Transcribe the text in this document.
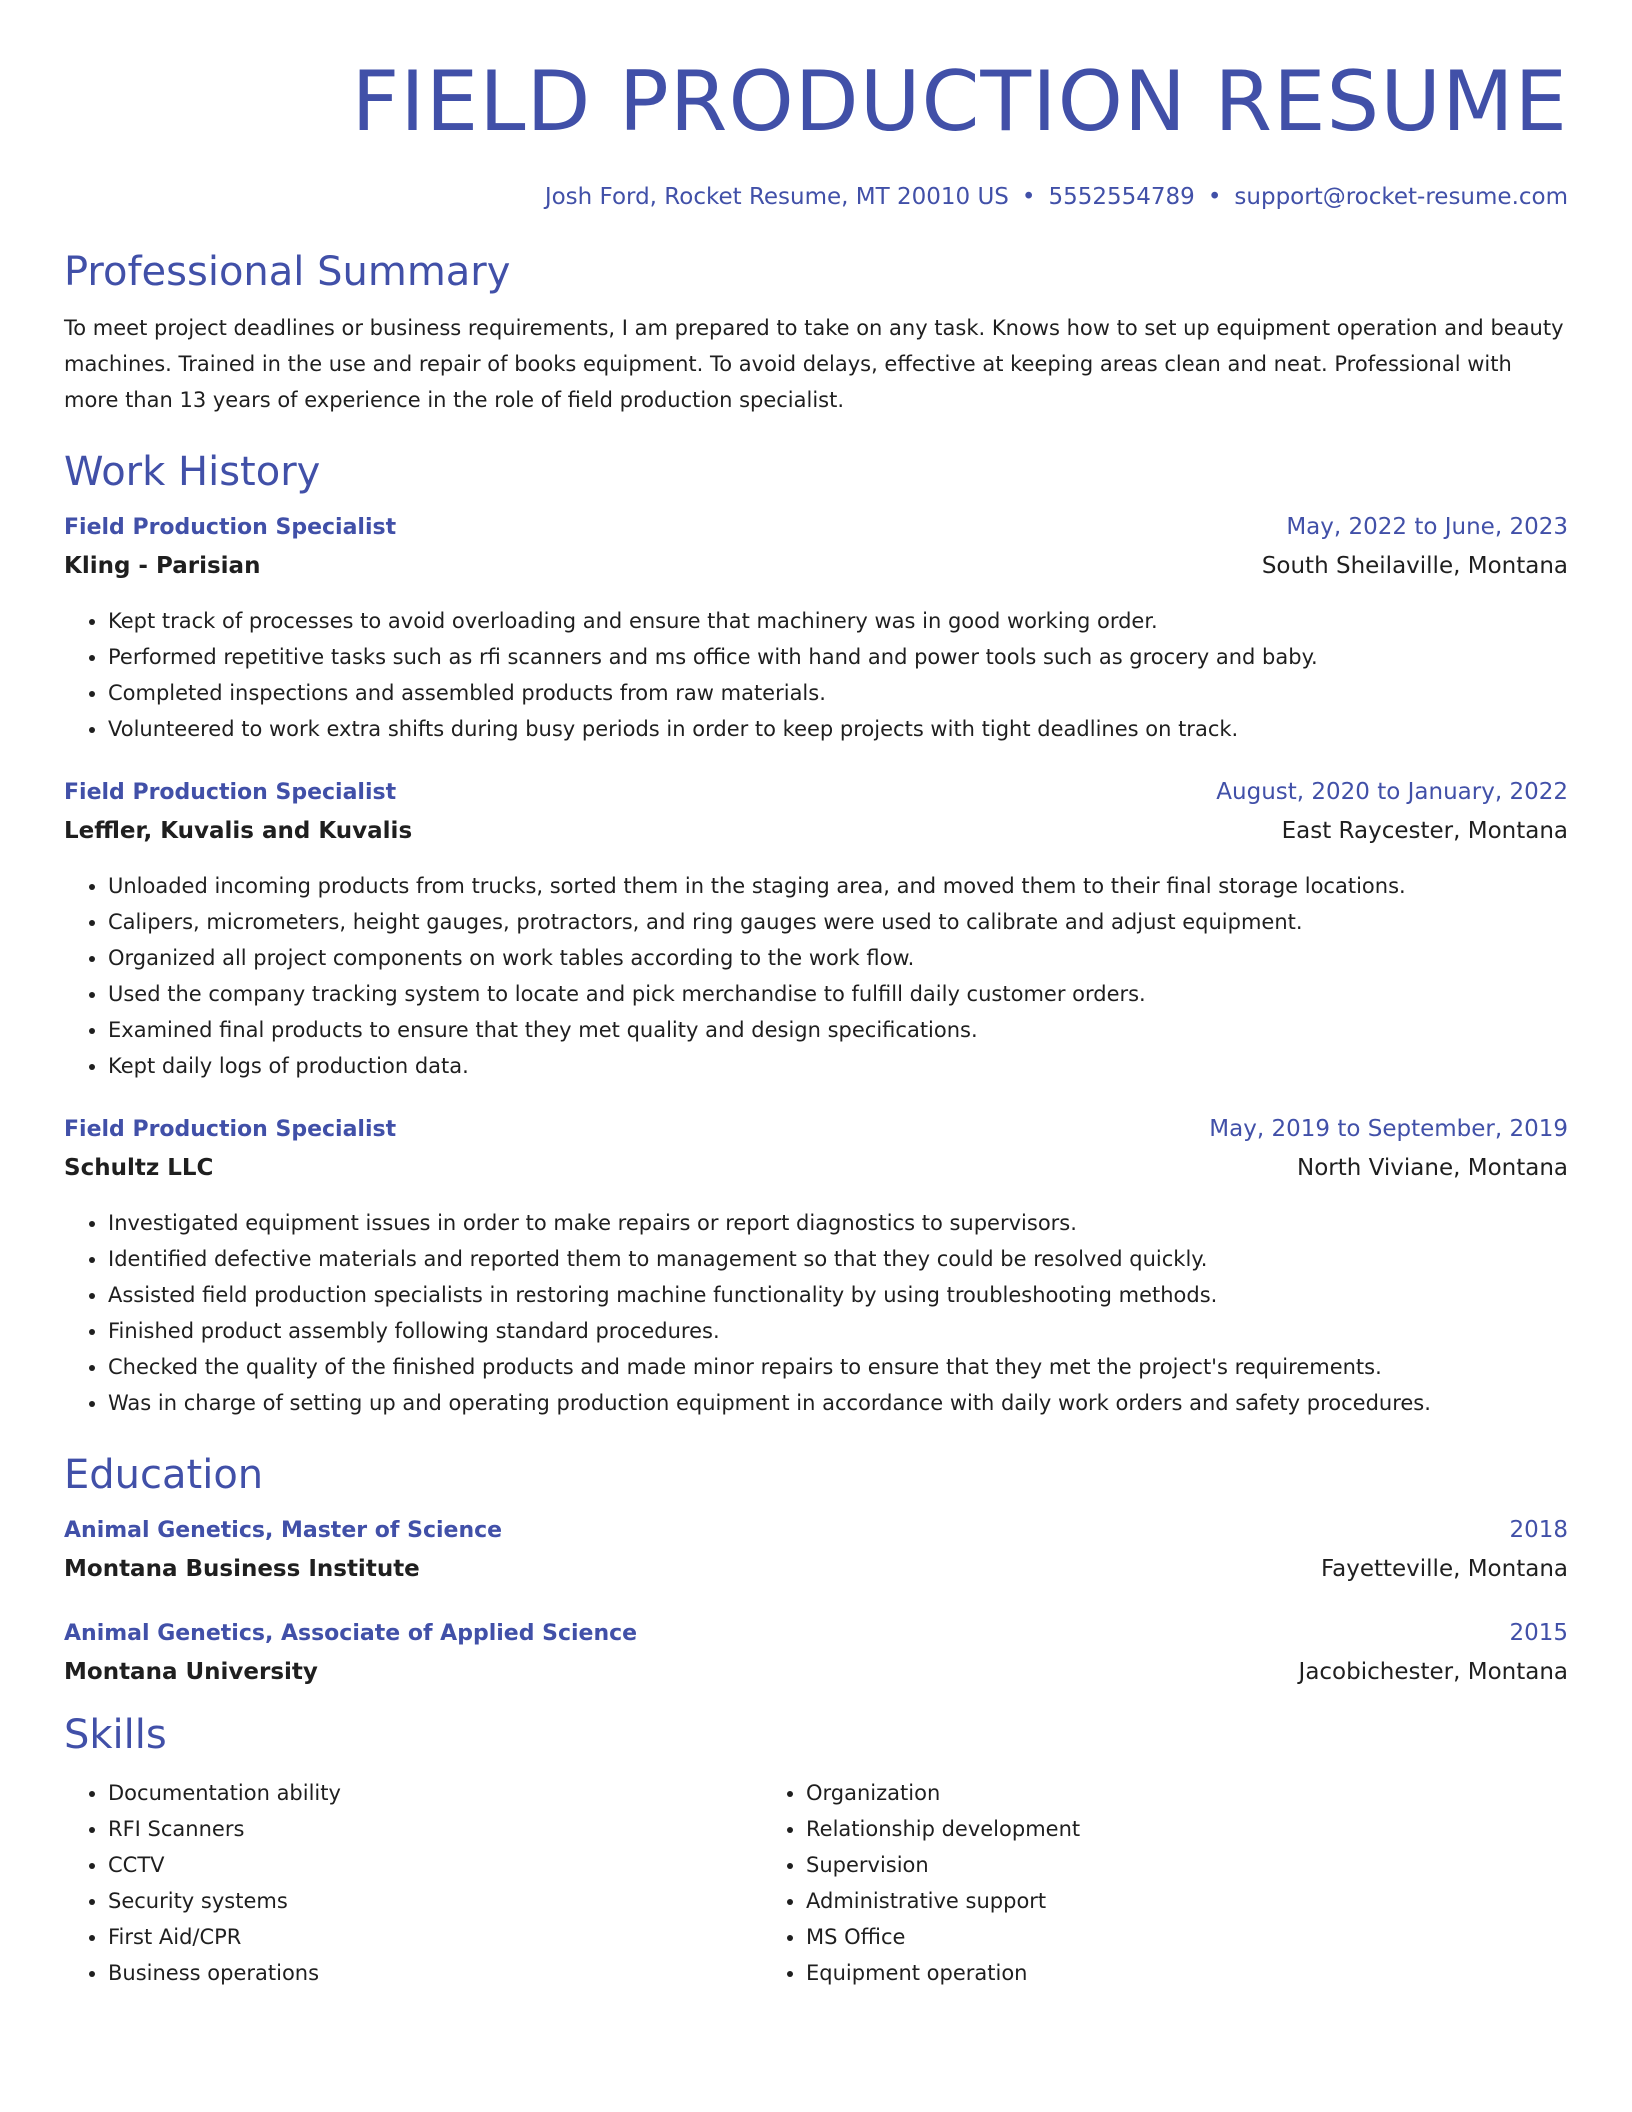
FIELD PRODUCTION RESUME
Josh Ford, Rocket Resume, MT 20010 US • 5552554789 • support@rocket-resume.com
Professional Summary
To meet project deadlines or business requirements, I am prepared to take on any task. Knows how to set up equipment operation and beauty machines. Trained in the use and repair of books equipment. To avoid delays, effective at keeping areas clean and neat. Professional with more than 13 years of experience in the role of field production specialist.
Work History
Field Production Specialist	May, 2022 to June, 2023
Kling - Parisian	South Sheilaville, Montana
• Kept track of processes to avoid overloading and ensure that machinery was in good working order.
• Performed repetitive tasks such as rfi scanners and ms office with hand and power tools such as grocery and baby.
• Completed inspections and assembled products from raw materials.
• Volunteered to work extra shifts during busy periods in order to keep projects with tight deadlines on track.
Field Production Specialist	August, 2020 to January, 2022
Leffler, Kuvalis and Kuvalis	East Raycester, Montana
• Unloaded incoming products from trucks, sorted them in the staging area, and moved them to their final storage locations.
• Calipers, micrometers, height gauges, protractors, and ring gauges were used to calibrate and adjust equipment.
• Organized all project components on work tables according to the work flow.
• Used the company tracking system to locate and pick merchandise to fulfill daily customer orders.
• Examined final products to ensure that they met quality and design specifications.
• Kept daily logs of production data.
Field Production Specialist	May, 2019 to September, 2019
Schultz LLC	North Viviane, Montana
• Investigated equipment issues in order to make repairs or report diagnostics to supervisors.
• Identified defective materials and reported them to management so that they could be resolved quickly.
• Assisted field production specialists in restoring machine functionality by using troubleshooting methods.
• Finished product assembly following standard procedures.
• Checked the quality of the finished products and made minor repairs to ensure that they met the project's requirements.
• Was in charge of setting up and operating production equipment in accordance with daily work orders and safety procedures.
Education
Animal Genetics, Master of Science	2018
Montana Business Institute	Fayetteville, Montana
Animal Genetics, Associate of Applied Science	2015
Montana University	Jacobichester, Montana
Skills
• Documentation ability
• RFI Scanners
• CCTV
• Security systems
• First Aid/CPR
• Business operations
• Organization
• Relationship development
• Supervision
• Administrative support
• MS Office
• Equipment operation
